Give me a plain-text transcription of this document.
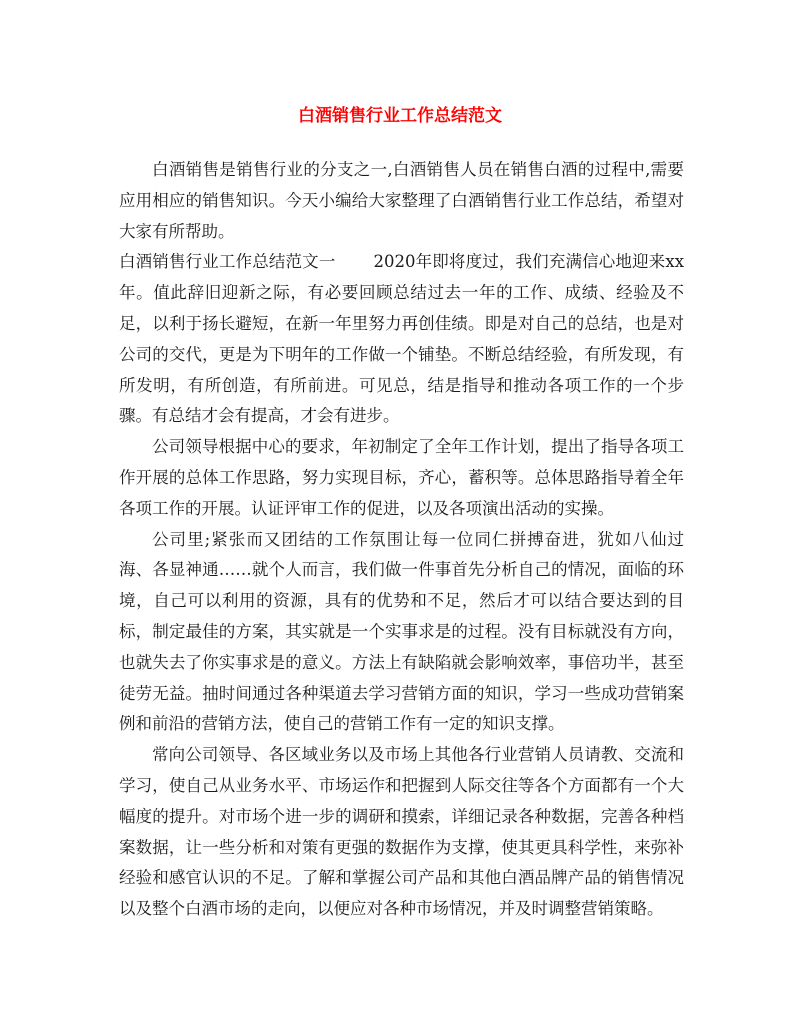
白酒销售行业工作总结范文

白酒销售是销售行业的分支之一,白酒销售人员在销售白酒的过程中,需要应用相应的销售知识。今天小编给大家整理了白酒销售行业工作总结，希望对大家有所帮助。

白酒销售行业工作总结范文一 2020年即将度过，我们充满信心地迎来xx年。值此辞旧迎新之际，有必要回顾总结过去一年的工作、成绩、经验及不足，以利于扬长避短，在新一年里努力再创佳绩。即是对自己的总结，也是对公司的交代，更是为下明年的工作做一个铺垫。不断总结经验，有所发现，有所发明，有所创造，有所前进。可见总，结是指导和推动各项工作的一个步骤。有总结才会有提高，才会有进步。

公司领导根据中心的要求，年初制定了全年工作计划，提出了指导各项工作开展的总体工作思路，努力实现目标，齐心，蓄积等。总体思路指导着全年各项工作的开展。认证评审工作的促进，以及各项演出活动的实操。

公司里;紧张而又团结的工作氛围让每一位同仁拼搏奋进，犹如八仙过海、各显神通……就个人而言，我们做一件事首先分析自己的情况，面临的环境，自己可以利用的资源，具有的优势和不足，然后才可以结合要达到的目标，制定最佳的方案，其实就是一个实事求是的过程。没有目标就没有方向，也就失去了你实事求是的意义。方法上有缺陷就会影响效率，事倍功半，甚至徒劳无益。抽时间通过各种渠道去学习营销方面的知识，学习一些成功营销案例和前沿的营销方法，使自己的营销工作有一定的知识支撑。

常向公司领导、各区域业务以及市场上其他各行业营销人员请教、交流和学习，使自己从业务水平、市场运作和把握到人际交往等各个方面都有一个大幅度的提升。对市场个进一步的调研和摸索，详细记录各种数据，完善各种档案数据，让一些分析和对策有更强的数据作为支撑，使其更具科学性，来弥补经验和感官认识的不足。了解和掌握公司产品和其他白酒品牌产品的销售情况以及整个白酒市场的走向，以便应对各种市场情况，并及时调整营销策略。
